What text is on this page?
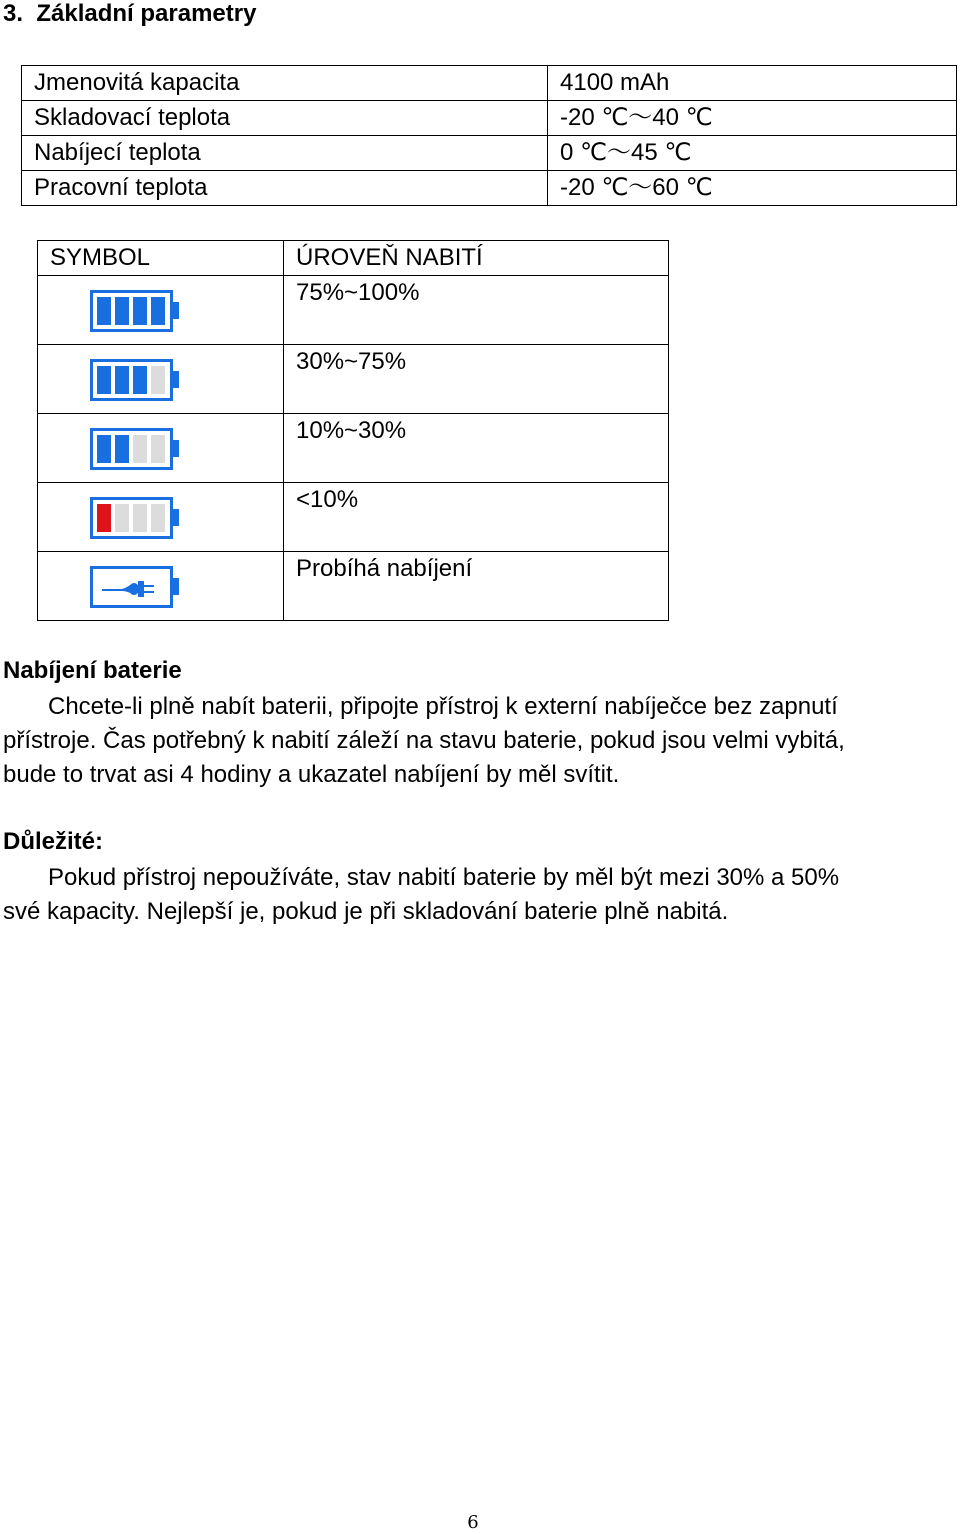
3. Základní parametry
Jmenovitá kapacita	4100 mAh
Skladovací teplota	-20 ℃～40 ℃
Nabíjecí teplota	0 ℃～45 ℃
Pracovní teplota	-20 ℃～60 ℃
SYMBOL	ÚROVEŇ NABITÍ

	75%~100%

	30%~75%

	10%~30%

	<10%

	Probíhá nabíjení
Nabíjení baterie
Chcete-li plně nabít baterii, připojte přístroj k externí nabíječce bez zapnutí
přístroje. Čas potřebný k nabití záleží na stavu baterie, pokud jsou velmi vybitá,
bude to trvat asi 4 hodiny a ukazatel nabíjení by měl svítit.
Důležité:
Pokud přístroj nepoužíváte, stav nabití baterie by měl být mezi 30% a 50%
své kapacity. Nejlepší je, pokud je při skladování baterie plně nabitá.
6
